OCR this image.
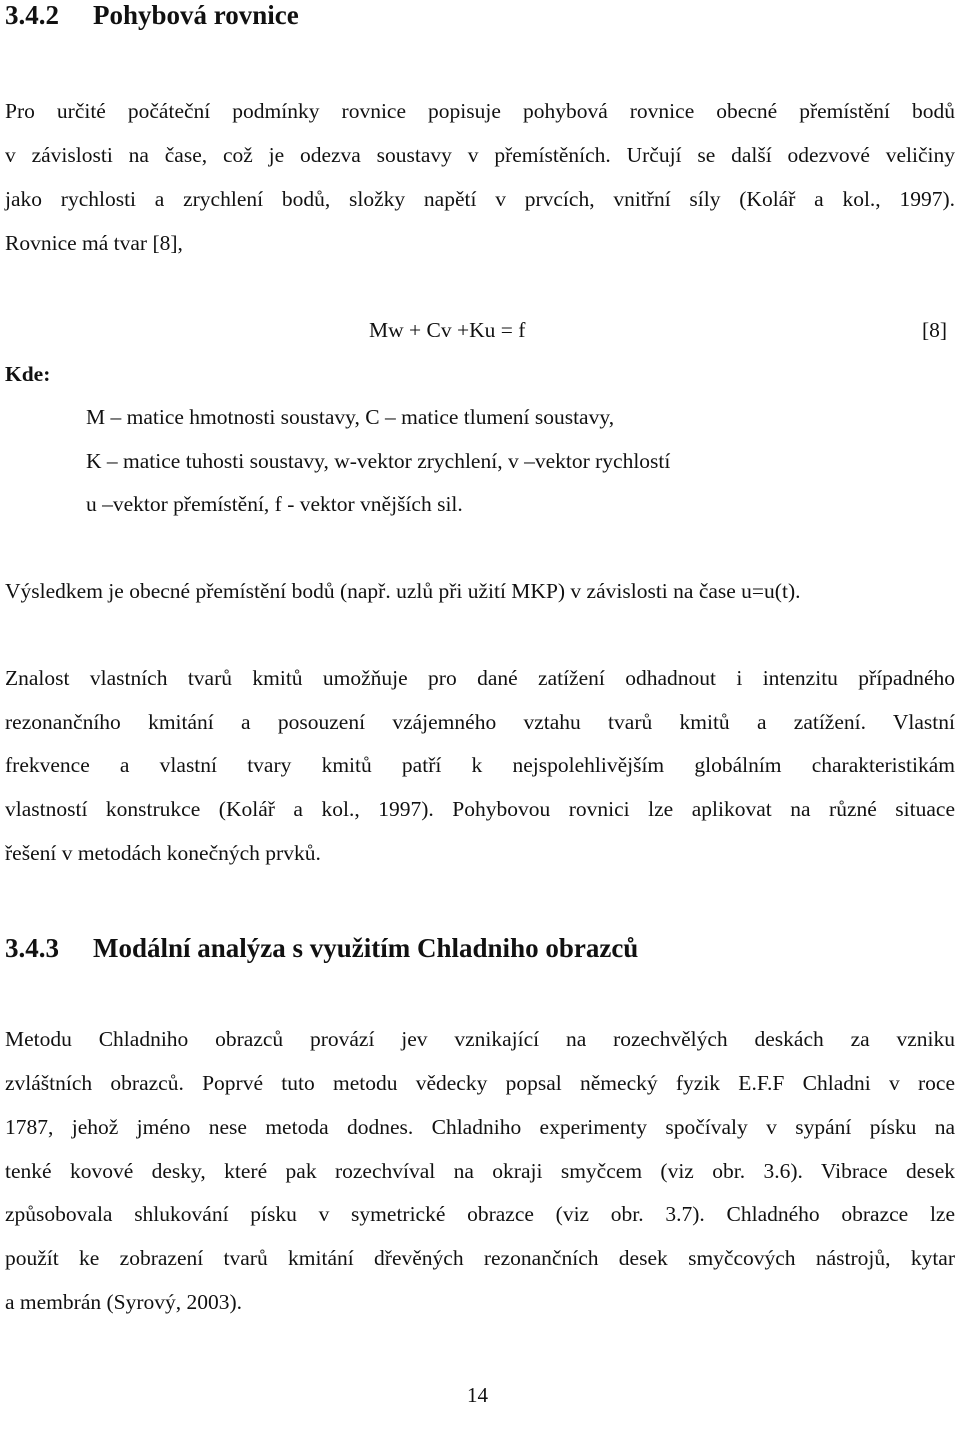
3.4.2 Pohybová rovnice
Pro určité počáteční podmínky rovnice popisuje pohybová rovnice obecné přemístění bodů
v závislosti na čase, což je odezva soustavy v přemístěních. Určují se další odezvové veličiny
jako rychlosti a zrychlení bodů, složky napětí v prvcích, vnitřní síly (Kolář a kol., 1997).
Rovnice má tvar [8],
Mw + Cv +Ku = f	[8]
Kde:
M – matice hmotnosti soustavy, C – matice tlumení soustavy,
K – matice tuhosti soustavy, w-vektor zrychlení, v –vektor rychlostí
u –vektor přemístění, f - vektor vnějších sil.
Výsledkem je obecné přemístění bodů (např. uzlů při užití MKP) v závislosti na čase u=u(t).
Znalost vlastních tvarů kmitů umožňuje pro dané zatížení odhadnout i intenzitu případného
rezonančního kmitání a posouzení vzájemného vztahu tvarů kmitů a zatížení. Vlastní
frekvence a vlastní tvary kmitů patří k nejspolehlivějším globálním charakteristikám
vlastností konstrukce (Kolář a kol., 1997). Pohybovou rovnici lze aplikovat na různé situace
řešení v metodách konečných prvků.
3.4.3 Modální analýza s využitím Chladniho obrazců
Metodu Chladniho obrazců provází jev vznikající na rozechvělých deskách za vzniku
zvláštních obrazců. Poprvé tuto metodu vědecky popsal německý fyzik E.F.F Chladni v roce
1787, jehož jméno nese metoda dodnes. Chladniho experimenty spočívaly v sypání písku na
tenké kovové desky, které pak rozechvíval na okraji smyčcem (viz obr. 3.6). Vibrace desek
způsobovala shlukování písku v symetrické obrazce (viz obr. 3.7). Chladného obrazce lze
použít ke zobrazení tvarů kmitání dřevěných rezonančních desek smyčcových nástrojů, kytar
a membrán (Syrový, 2003).
14
